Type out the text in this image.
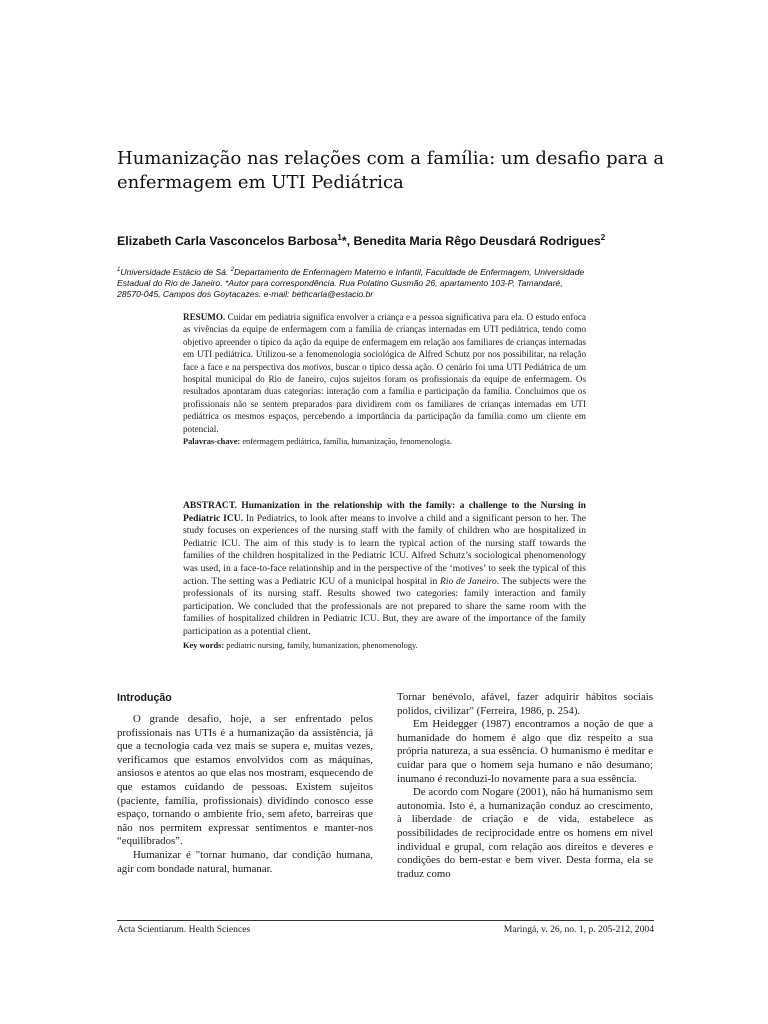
Humanização nas relações com a família: um desafio para a
enfermagem em UTI Pediátrica

Elizabeth Carla Vasconcelos Barbosa$^1$*, Benedita Maria Rêgo Deusdará Rodrigues$^2$

$^1$Universidade Estácio de Sá. $^2$Departamento de Enfermagem Materno e Infantil, Faculdade de Enfermagem, Universidade
Estadual do Rio de Janeiro. *Autor para correspondência. Rua Polatino Gusmão 26, apartamento 103-P, Tamandaré,
28570-045, Campos dos Goytacazes. e-mail: bethcarla@estacio.br
RESUMO. Cuidar em pediatria significa envolver a criança e a pessoa significativa para ela. O estudo enfoca as vivências da equipe de enfermagem com a família de crianças internadas em UTI pediátrica, tendo como objetivo apreender o típico da ação da equipe de enfermagem em relação aos familiares de crianças internadas em UTI pediátrica. Utilizou-se a fenomenologia sociológica de Alfred Schutz por nos possibilitar, na relação face a face e na perspectiva dos motivos, buscar o típico dessa ação. O cenário foi uma UTI Pediátrica de um hospital municipal do Rio de Janeiro, cujos sujeitos foram os profissionais da equipe de enfermagem. Os resultados apontaram duas categorias: interação com a família e participação da família. Concluímos que os profissionais não se sentem preparados para dividirem com os familiares de crianças internadas em UTI pediátrica os mesmos espaços, percebendo a importância da participação da família como um cliente em potencial.
Palavras-chave: enfermagem pediátrica, família, humanização, fenomenologia.
ABSTRACT. Humanization in the relationship with the family: a challenge to the Nursing in Pediatric ICU. In Pediatrics, to look after means to involve a child and a significant person to her. The study focuses on experiences of the nursing staff with the family of children who are hospitalized in Pediatric ICU. The aim of this study is to learn the typical action of the nursing staff towards the families of the children hospitalized in the Pediatric ICU. Alfred Schutz’s sociological phenomenology was used, in a face-to-face relationship and in the perspective of the ‘motives’ to seek the typical of this action. The setting was a Pediatric ICU of a municipal hospital in Rio de Janeiro. The subjects were the professionals of its nursing staff. Results showed two categories: family interaction and family participation. We concluded that the professionals are not prepared to share the same room with the families of hospitalized children in Pediatric ICU. But, they are aware of the importance of the family participation as a potential client.
Key words: pediatric nursing, family, humanization, phenomenology.
Introdução

O grande desafio, hoje, a ser enfrentado pelos profissionais nas UTIs é a humanização da assistência, já que a tecnologia cada vez mais se supera e, muitas vezes, verificamos que estamos envolvidos com as máquinas, ansiosos e atentos ao que elas nos mostram, esquecendo de que estamos cuidando de pessoas. Existem sujeitos (paciente, família, profissionais) dividindo conosco esse espaço, tornando o ambiente frio, sem afeto, barreiras que não nos permitem expressar sentimentos e manter-nos “equilibrados”.

Humanizar é "tornar humano, dar condição humana, agir com bondade natural, humanar.

Tornar benévolo, afável, fazer adquirir hábitos sociais polidos, civilizar" (Ferreira, 1986, p. 254).

Em Heidegger (1987) encontramos a noção de que a humanidade do homem é algo que diz respeito a sua própria natureza, a sua essência. O humanismo é meditar e cuidar para que o homem seja humano e não desumano; inumano é reconduzi-lo novamente para a sua essência.

De acordo com Nogare (2001), não há humanismo sem autonomia. Isto é, a humanização conduz ao crescimento, à liberdade de criação e de vida, estabelece as possibilidades de reciprocidade entre os homens em nível individual e grupal, com relação aos direitos e deveres e condições do bem-estar e bem viver. Desta forma, ela se traduz como

Acta Scientiarum. Health Sciences	Maringá, v. 26, no. 1, p. 205-212, 2004
